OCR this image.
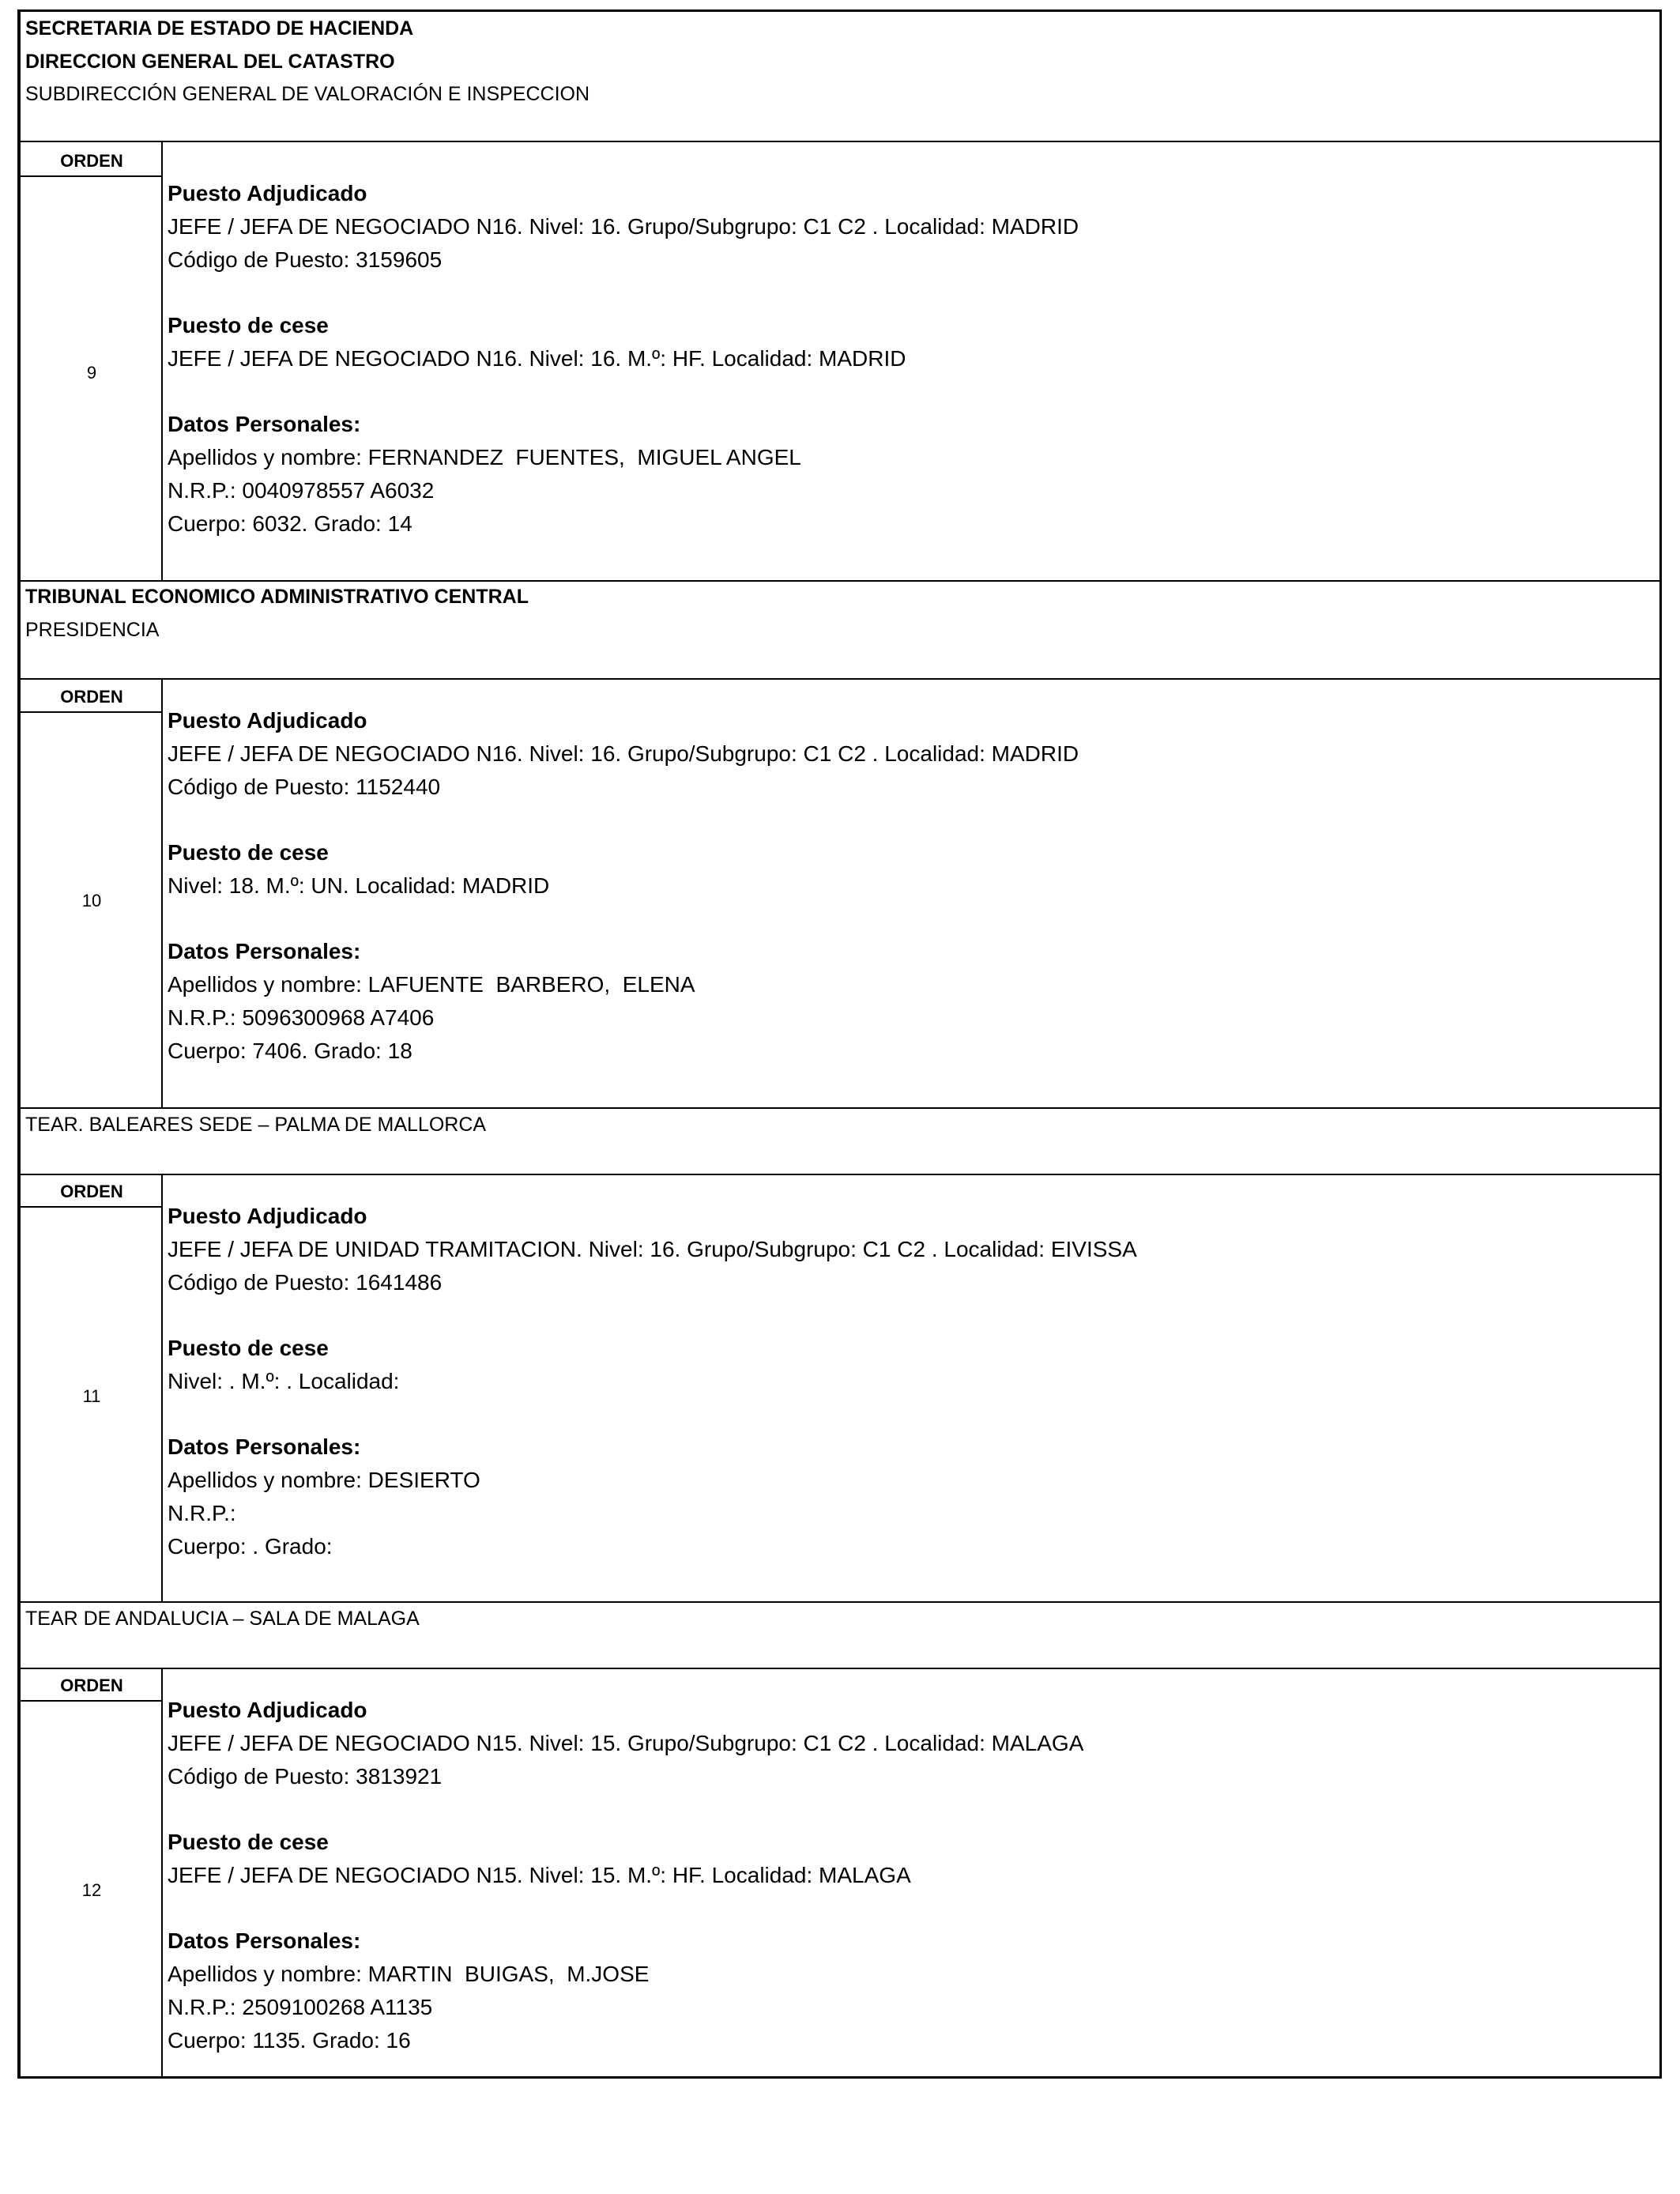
SECRETARIA DE ESTADO DE HACIENDA
DIRECCION GENERAL DEL CATASTRO
SUBDIRECCIÓN GENERAL DE VALORACIÓN E INSPECCION
ORDEN
9
Puesto Adjudicado
JEFE / JEFA DE NEGOCIADO N16. Nivel: 16. Grupo/Subgrupo: C1 C2 . Localidad: MADRID
Código de Puesto: 3159605
Puesto de cese
JEFE / JEFA DE NEGOCIADO N16. Nivel: 16. M.º: HF. Localidad: MADRID
Datos Personales:
Apellidos y nombre: FERNANDEZ  FUENTES,  MIGUEL ANGEL
N.R.P.: 0040978557 A6032
Cuerpo: 6032. Grado: 14
TRIBUNAL ECONOMICO ADMINISTRATIVO CENTRAL
PRESIDENCIA
ORDEN
10
Puesto Adjudicado
JEFE / JEFA DE NEGOCIADO N16. Nivel: 16. Grupo/Subgrupo: C1 C2 . Localidad: MADRID
Código de Puesto: 1152440
Puesto de cese
Nivel: 18. M.º: UN. Localidad: MADRID
Datos Personales:
Apellidos y nombre: LAFUENTE  BARBERO,  ELENA
N.R.P.: 5096300968 A7406
Cuerpo: 7406. Grado: 18
TEAR. BALEARES SEDE – PALMA DE MALLORCA
ORDEN
11
Puesto Adjudicado
JEFE / JEFA DE UNIDAD TRAMITACION. Nivel: 16. Grupo/Subgrupo: C1 C2 . Localidad: EIVISSA
Código de Puesto: 1641486
Puesto de cese
Nivel: . M.º: . Localidad:
Datos Personales:
Apellidos y nombre: DESIERTO
N.R.P.:
Cuerpo: . Grado:
TEAR DE ANDALUCIA – SALA DE MALAGA
ORDEN
12
Puesto Adjudicado
JEFE / JEFA DE NEGOCIADO N15. Nivel: 15. Grupo/Subgrupo: C1 C2 . Localidad: MALAGA
Código de Puesto: 3813921
Puesto de cese
JEFE / JEFA DE NEGOCIADO N15. Nivel: 15. M.º: HF. Localidad: MALAGA
Datos Personales:
Apellidos y nombre: MARTIN  BUIGAS,  M.JOSE
N.R.P.: 2509100268 A1135
Cuerpo: 1135. Grado: 16
